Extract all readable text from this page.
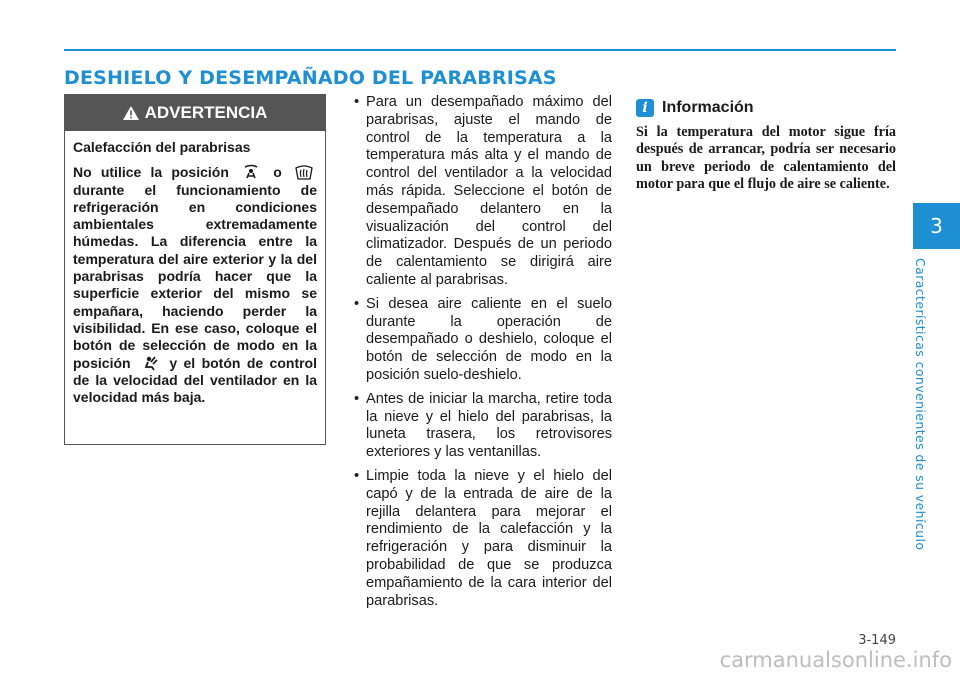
DESHIELO Y DESEMPAÑADO DEL PARABRISAS
ADVERTENCIA
Calefacción del parabrisas
No utilice la posición	o  durante el funcionamiento de refrigeración en condiciones ambientales extremadamente húmedas. La diferencia entre la temperatura del aire exterior y la del parabrisas podría hacer que la superficie exterior del mismo se empañara, haciendo perder la visibilidad. En ese caso, coloque el botón de selección de modo en la posición	y el botón de control de la velocidad del ventilador en la velocidad más baja.
• Para un desempañado máximo del parabrisas, ajuste el mando de control de la temperatura a la temperatura más alta y el mando de control del ventilador a la velocidad más rápida. Seleccione el botón de desempañado delantero en la visualización del control del climatizador. Después de un periodo de calentamiento se dirigirá aire caliente al parabrisas.
• Si desea aire caliente en el suelo durante la operación de desempañado o deshielo, coloque el botón de selección de modo en la posición suelo-deshielo.
• Antes de iniciar la marcha, retire toda la nieve y el hielo del parabrisas, la luneta trasera, los retrovisores exteriores y las ventanillas.
• Limpie toda la nieve y el hielo del capó y de la entrada de aire de la rejilla delantera para mejorar el rendimiento de la calefacción y la refrigeración y para disminuir la probabilidad de que se produzca empañamiento de la cara interior del parabrisas.
i Información

Si la temperatura del motor sigue fría después de arrancar, podría ser necesario un breve periodo de calentamiento del motor para que el flujo de aire se caliente.

3
Características convenientes de su vehículo
3-149
carmanualsonline.info
